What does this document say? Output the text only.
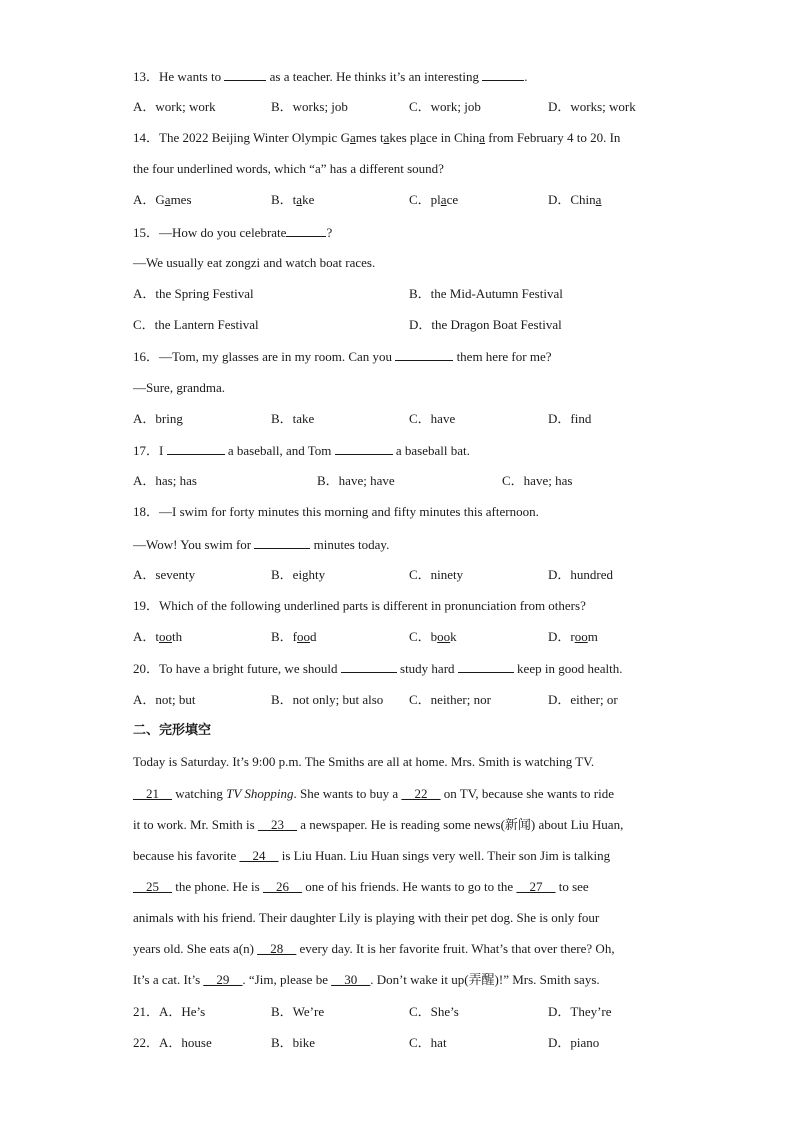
13．He wants to	as a teacher. He thinks it’s an interesting	.
A．work; work	B．works; job	C．work; job	D．works; work
14．The 2022 Beijing Winter Olympic Games takes place in China from February 4 to 20. In
the four underlined words, which “a” has a different sound?
A．Games	B．take	C．place	D．China
15．—How do you celebrate	?
—We usually eat zongzi and watch boat races.
A．the Spring Festival	B．the Mid-Autumn Festival
C．the Lantern Festival	D．the Dragon Boat Festival
16．—Tom, my glasses are in my room. Can you	them here for me?
—Sure, grandma.
A．bring	B．take	C．have	D．find
17．I	a baseball, and Tom	a baseball bat.
A．has; has	B．have; have	C．have; has
18．—I swim for forty minutes this morning and fifty minutes this afternoon.
—Wow! You swim for	minutes today.
A．seventy	B．eighty	C．ninety	D．hundred
19．Which of the following underlined parts is different in pronunciation from others?
A．tooth	B．food	C．book	D．room
20．To have a bright future, we should	study hard	keep in good health.
A．not; but	B．not only; but also C．neither; nor	D．either; or
二、完形填空
Today is Saturday. It’s 9:00 p.m. The Smiths are all at home. Mrs. Smith is watching TV.
__21__ watching TV Shopping. She wants to buy a __22__ on TV, because she wants to ride
it to work. Mr. Smith is __23__ a newspaper. He is reading some news(新闻) about Liu Huan,
because his favorite __24__ is Liu Huan. Liu Huan sings very well. Their son Jim is talking
__25__ the phone. He is __26__ one of his friends. He wants to go to the __27__ to see
animals with his friend. Their daughter Lily is playing with their pet dog. She is only four
years old. She eats a(n) __28__ every day. It is her favorite fruit. What’s that over there? Oh,
It’s a cat. It’s __29__. “Jim, please be __30__. Don’t wake it up(弄醒)!” Mrs. Smith says.
21．A．He’s	B．We’re	C．She’s	D．They’re
22．A．house	B．bike	C．hat	D．piano
